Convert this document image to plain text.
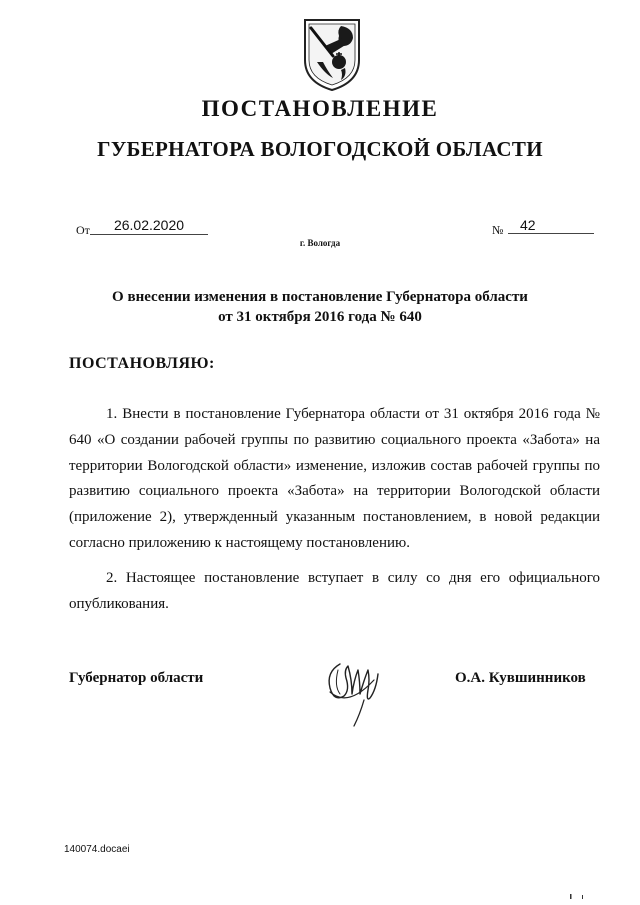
ПОСТАНОВЛЕНИЕ
ГУБЕРНАТОРА ВОЛОГОДСКОЙ ОБЛАСТИ
От	26.02.2020	№	42
г. Вологда
О внесении изменения в постановление Губернатора области
от 31 октября 2016 года № 640
ПОСТАНОВЛЯЮ:

1. Внести в постановление Губернатора области от 31 октября 2016 года № 640 «О создании рабочей группы по развитию социального проекта «Забота» на территории Вологодской области» изменение, изложив состав рабочей группы по развитию социального проекта «Забота» на территории Вологодской области (приложение 2), утвержденный указанным постановлением, в новой редакции согласно приложению к настоящему постановлению.

2. Настоящее постановление вступает в силу со дня его официального опубликования.

Губернатор области	О.А. Кувшинников
140074.docaei
